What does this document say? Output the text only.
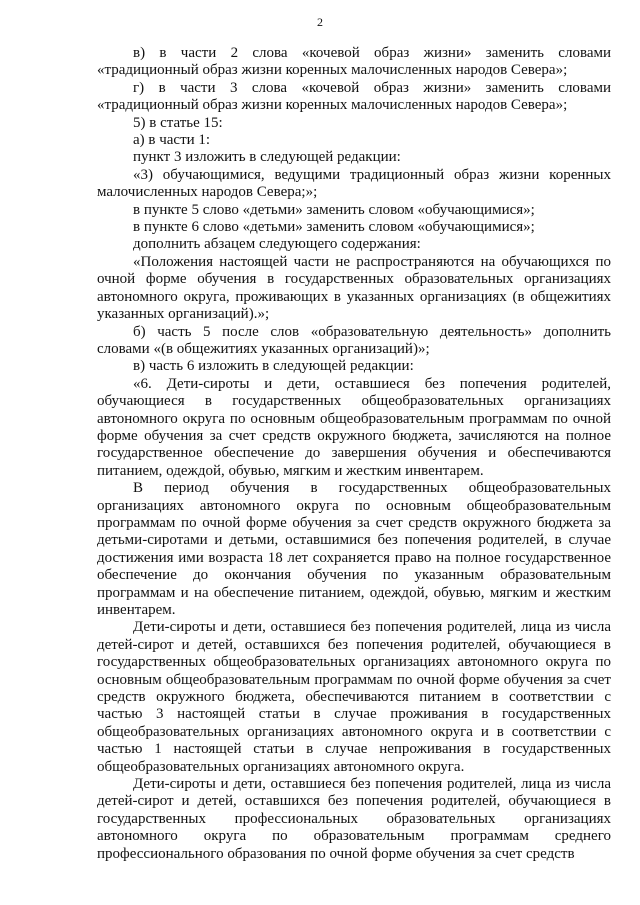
2

в) в части 2 слова «кочевой образ жизни» заменить словами «традиционный образ жизни коренных малочисленных народов Севера»;

г) в части 3 слова «кочевой образ жизни» заменить словами «традиционный образ жизни коренных малочисленных народов Севера»;

5) в статье 15:

а) в части 1:

пункт 3 изложить в следующей редакции:

«3) обучающимися, ведущими традиционный образ жизни коренных малочисленных народов Севера;»;

в пункте 5 слово «детьми» заменить словом «обучающимися»;

в пункте 6 слово «детьми» заменить словом «обучающимися»;

дополнить абзацем следующего содержания:

«Положения настоящей части не распространяются на обучающихся по очной форме обучения в государственных образовательных организациях автономного округа, проживающих в указанных организациях (в общежитиях указанных организаций).»;

б) часть 5 после слов «образовательную деятельность» дополнить словами «(в общежитиях указанных организаций)»;

в) часть 6 изложить в следующей редакции:

«6. Дети-сироты и дети, оставшиеся без попечения родителей, обучающиеся в государственных общеобразовательных организациях автономного округа по основным общеобразовательным программам по очной форме обучения за счет средств окружного бюджета, зачисляются на полное государственное обеспечение до завершения обучения и обеспечиваются питанием, одеждой, обувью, мягким и жестким инвентарем.

В период обучения в государственных общеобразовательных организациях автономного округа по основным общеобразовательным программам по очной форме обучения за счет средств окружного бюджета за детьми-сиротами и детьми, оставшимися без попечения родителей, в случае достижения ими возраста 18 лет сохраняется право на полное государственное обеспечение до окончания обучения по указанным образовательным программам и на обеспечение питанием, одеждой, обувью, мягким и жестким инвентарем.

Дети-сироты и дети, оставшиеся без попечения родителей, лица из числа детей-сирот и детей, оставшихся без попечения родителей, обучающиеся в государственных общеобразовательных организациях автономного округа по основным общеобразовательным программам по очной форме обучения за счет средств окружного бюджета, обеспечиваются питанием в соответствии с частью 3 настоящей статьи в случае проживания в государственных общеобразовательных организациях автономного округа и в соответствии с частью 1 настоящей статьи в случае непроживания в государственных общеобразовательных организациях автономного округа.

Дети-сироты и дети, оставшиеся без попечения родителей, лица из числа детей-сирот и детей, оставшихся без попечения родителей, обучающиеся в государственных профессиональных образовательных организациях автономного округа по образовательным программам среднего профессионального образования по очной форме обучения за счет средств
